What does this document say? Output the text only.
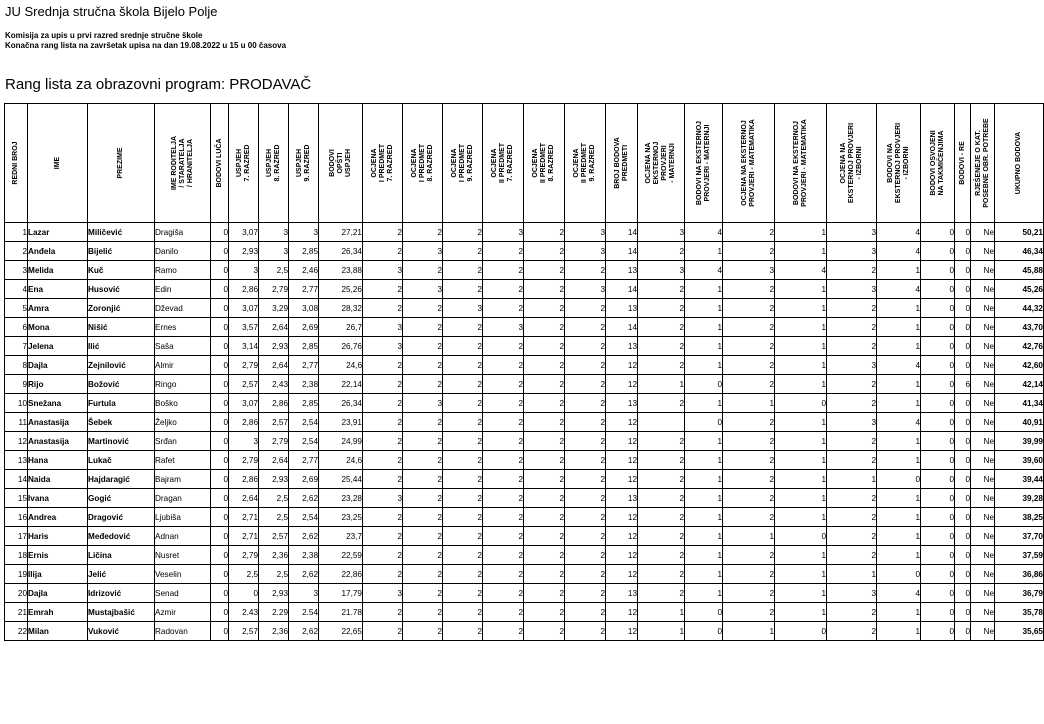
JU Srednja stručna škola Bijelo Polje
Komisija za upis u prvi razred srednje stručne škole
Konačna rang lista na završetak upisa na dan 19.08.2022 u 15 u 00 časova
Rang lista za obrazovni program: PRODAVAČ
REDNI BROJ	IME	PREZIME	IME RODITELJA
/ STARATELJA
/ HRANITELJA	BODOVI LUČA	USPJEH
7. RAZRED	USPJEH
8. RAZRED	USPJEH
9. RAZRED	BODOVI
OPŠTI
USPJEH	OCJENA
I PREDMET
7. RAZRED	OCJENA
I PREDMET
8. RAZRED	OCJENA
I PREDMET
9. RAZRED	OCJENA
II PREDMET
7. RAZRED	OCJENA
II PREDMET
8. RAZRED	OCJENA
II PREDMET
9. RAZRED	BROJ BODOVA
PREDMETI	OCJENA NA
EKSTERNOJ
PROVJERI
- MATERNJI	BODOVI NA EKSTERNOJ
PROVJERI - MATERNJI	OCJENA NA EKSTERNOJ
PROVJERI - MATEMATIKA	BODOVI NA EKSTERNOJ
PROVJERI - MATEMATIKA	OCJENA NA
EKSTERNOJ PROVJERI
- IZBORNI	BODOVI NA
EKSTERNOJ PROVJERI
- IZBORNI	BODOVI OSVOJENI
NA TAKMIČENJIMA	BODOVI - RE	RJEŠENEJE O KAT.
POSEBNE OBR. POTREBE	UKUPNO BODOVA

1	Lazar	Miličević	Dragiša	0	3,07	3	3	27,21	2	2	2	3	2	3	14	3	4	2	1	3	4	0	0	Ne	50,21
2	Anđela	Bijelić	Danilo	0	2,93	3	2,85	26,34	2	3	2	2	2	3	14	2	1	2	1	3	4	0	0	Ne	46,34
3	Melida	Kuč	Ramo	0	3	2,5	2,46	23,88	3	2	2	2	2	2	13	3	4	3	4	2	1	0	0	Ne	45,88
4	Ena	Husović	Edin	0	2,86	2,79	2,77	25,26	2	3	2	2	2	3	14	2	1	2	1	3	4	0	0	Ne	45,26
5	Amra	Zoronjić	Dževad	0	3,07	3,29	3,08	28,32	2	2	3	2	2	2	13	2	1	2	1	2	1	0	0	Ne	44,32
6	Mona	Nišić	Ernes	0	3,57	2,64	2,69	26,7	3	2	2	3	2	2	14	2	1	2	1	2	1	0	0	Ne	43,70
7	Jelena	Ilić	Saša	0	3,14	2,93	2,85	26,76	3	2	2	2	2	2	13	2	1	2	1	2	1	0	0	Ne	42,76
8	Dajla	Zejnilović	Almir	0	2,79	2,64	2,77	24,6	2	2	2	2	2	2	12	2	1	2	1	3	4	0	0	Ne	42,60
9	Rijo	Božović	Ringo	0	2,57	2,43	2,38	22,14	2	2	2	2	2	2	12	1	0	2	1	2	1	0	6	Ne	42,14
10	Snežana	Furtula	Boško	0	3,07	2,86	2,85	26,34	2	3	2	2	2	2	13	2	1	1	0	2	1	0	0	Ne	41,34
11	Anastasija	Šebek	Željko	0	2,86	2,57	2,54	23,91	2	2	2	2	2	2	12		0	2	1	3	4	0	0	Ne	40,91
12	Anastasija	Martinović	Srđan	0	3	2,79	2,54	24,99	2	2	2	2	2	2	12	2	1	2	1	2	1	0	0	Ne	39,99
13	Hana	Lukač	Rafet	0	2,79	2,64	2,77	24,6	2	2	2	2	2	2	12	2	1	2	1	2	1	0	0	Ne	39,60
14	Naida	Hajdaragić	Bajram	0	2,86	2,93	2,69	25,44	2	2	2	2	2	2	12	2	1	2	1	1	0	0	0	Ne	39,44
15	Ivana	Gogić	Dragan	0	2,64	2,5	2,62	23,28	3	2	2	2	2	2	13	2	1	2	1	2	1	0	0	Ne	39,28
16	Andrea	Dragović	Ljubiša	0	2,71	2,5	2,54	23,25	2	2	2	2	2	2	12	2	1	2	1	2	1	0	0	Ne	38,25
17	Haris	Međedović	Adnan	0	2,71	2,57	2,62	23,7	2	2	2	2	2	2	12	2	1	1	0	2	1	0	0	Ne	37,70
18	Ernis	Ličina	Nusret	0	2,79	2,36	2,38	22,59	2	2	2	2	2	2	12	2	1	2	1	2	1	0	0	Ne	37,59
19	Ilija	Jelić	Veselin	0	2,5	2,5	2,62	22,86	2	2	2	2	2	2	12	2	1	2	1	1	0	0	0	Ne	36,86
20	Dajla	Idrizović	Senad	0	0	2,93	3	17,79	3	2	2	2	2	2	13	2	1	2	1	3	4	0	0	Ne	36,79
21	Emrah	Mustajbašić	Azmir	0	2.43	2.29	2.54	21.78	2	2	2	2	2	2	12	1	0	2	1	2	1	0	0	Ne	35,78
22	Milan	Vuković	Radovan	0	2,57	2,36	2,62	22,65	2	2	2	2	2	2	12	1	0	1	0	2	1	0	0	Ne	35,65
